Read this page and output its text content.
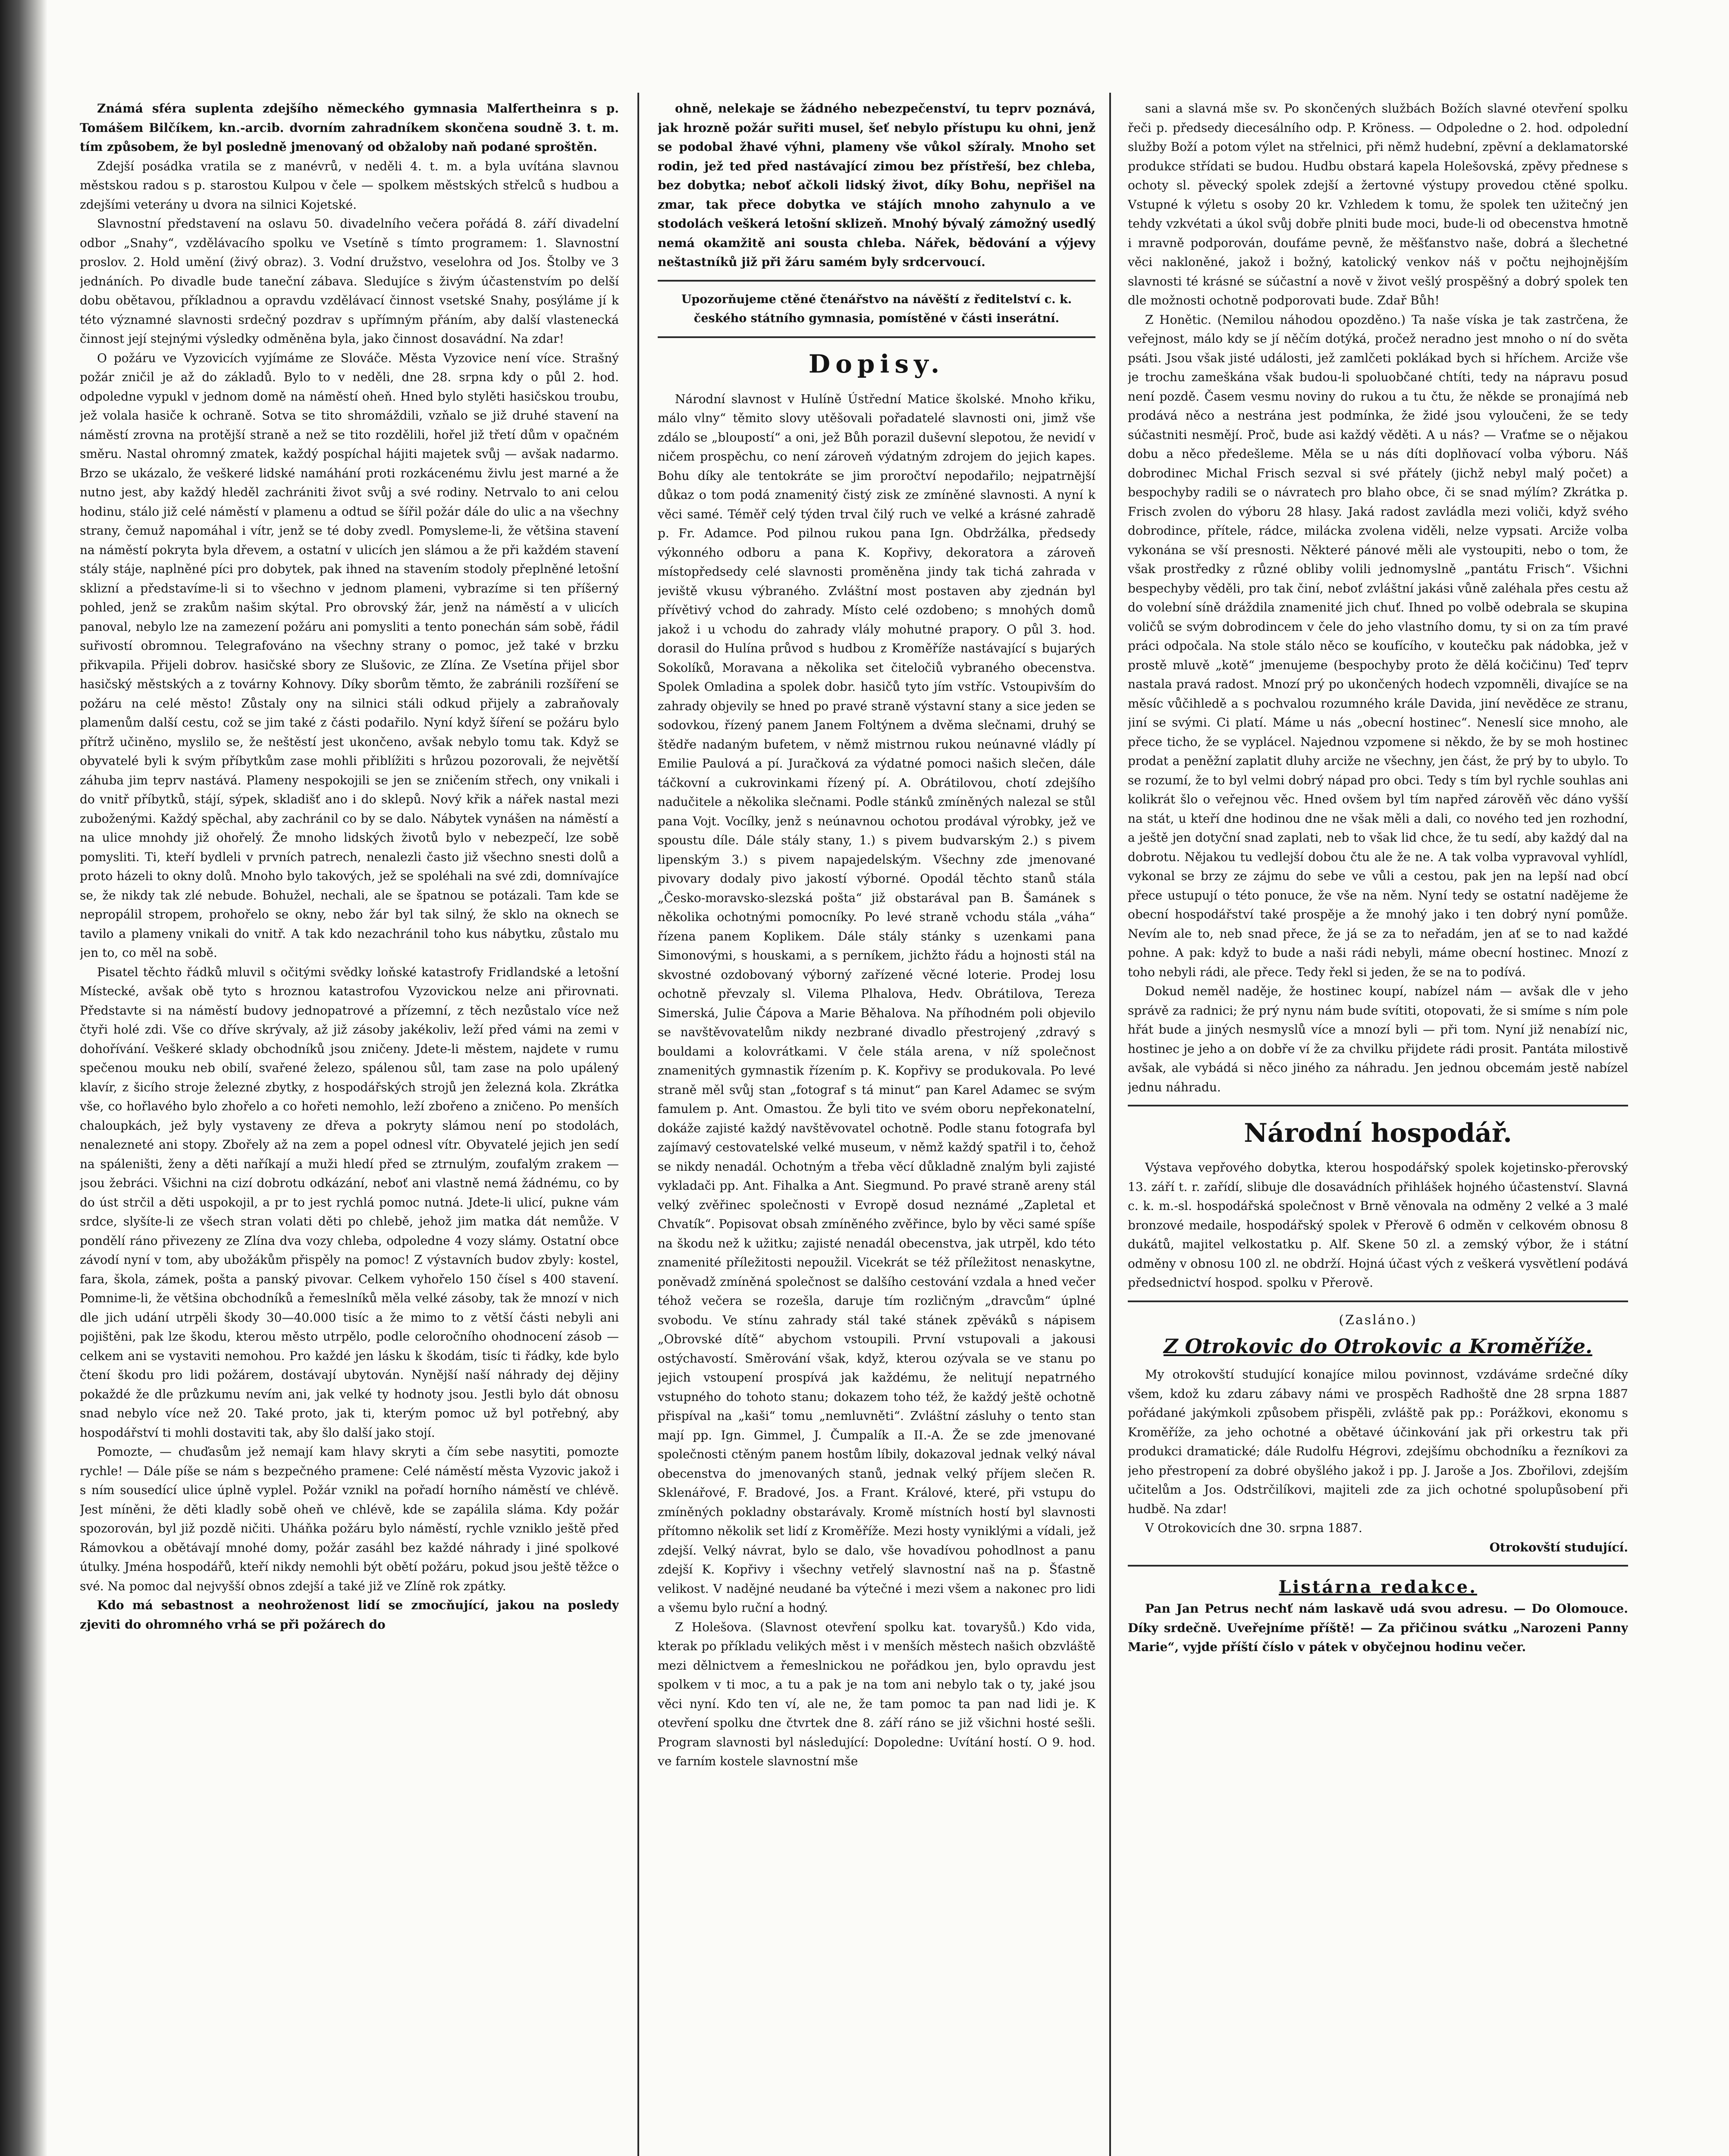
Známá sféra suplenta zdejšího německého gymnasia Malfertheinra s p. Tomášem Bilčíkem, kn.-arcib. dvorním zahradníkem skončena soudně 3. t. m. tím způsobem, že byl posledně jmenovaný od obžaloby naň podané sproštěn.

Zdejší posádka vratila se z manévrů, v neděli 4. t. m. a byla uvítána slavnou městskou radou s p. starostou Kulpou v čele — spolkem městských střelců s hudbou a zdejšími veterány u dvora na silnici Kojetské.

Slavnostní představení na oslavu 50. divadelního večera pořádá 8. září divadelní odbor „Snahy“, vzdělávacího spolku ve Vsetíně s tímto programem: 1. Slavnostní proslov. 2. Hold umění (živý obraz). 3. Vodní družstvo, veselohra od Jos. Štolby ve 3 jednáních. Po divadle bude taneční zábava. Sledujíce s živým účastenstvím po delší dobu obětavou, příkladnou a opravdu vzdělávací činnost vsetské Snahy, posýláme jí k této významné slavnosti srdečný pozdrav s upřímným přáním, aby další vlastenecká činnost její stejnými výsledky odměněna byla, jako činnost dosavádní. Na zdar!

O požáru ve Vyzovicích vyjímáme ze Slováče. Města Vyzovice není více. Strašný požár zničil je až do základů. Bylo to v neděli, dne 28. srpna kdy o půl 2. hod. odpoledne vypukl v jednom domě na náměstí oheň. Hned bylo stylěti hasičskou troubu, jež volala hasiče k ochraně. Sotva se tito shromáždili, vzňalo se již druhé stavení na náměstí zrovna na protější straně a než se tito rozdělili, hořel již třetí dům v opačném směru. Nastal ohromný zmatek, každý pospíchal hájiti majetek svůj — avšak nadarmo. Brzo se ukázalo, že veškeré lidské namáhání proti rozkácenému živlu jest marné a že nutno jest, aby každý hleděl zachrániti život svůj a své rodiny. Netrvalo to ani celou hodinu, stálo již celé náměstí v plamenu a odtud se šířil požár dále do ulic a na všechny strany, čemuž napomáhal i vítr, jenž se té doby zvedl. Pomysleme-li, že většina stavení na náměstí pokryta byla dřevem, a ostatní v ulicích jen slámou a že při každém stavení stály stáje, naplněné píci pro dobytek, pak ihned na stavením stodoly přeplněné letošní sklizní a představíme-li si to všechno v jednom plameni, vybrazíme si ten příšerný pohled, jenž se zrakům našim skýtal. Pro obrovský žár, jenž na náměstí a v ulicích panoval, nebylo lze na zamezení požáru ani pomysliti a tento ponechán sám sobě, řádil suřivostí obromnou. Telegrafováno na všechny strany o pomoc, jež také v brzku přikvapila. Přijeli dobrov. hasičské sbory ze Slušovic, ze Zlína. Ze Vsetína přijel sbor hasičský městských a z továrny Kohnovy. Díky sborům těmto, že zabránili rozšíření se požáru na celé město! Zůstaly ony na silnici stáli odkud přijely a zabraňovaly plamenům další cestu, což se jim také z části podařilo. Nyní když šíření se požáru bylo přítrž učiněno, myslilo se, že neštěstí jest ukončeno, avšak nebylo tomu tak. Když se obyvatelé byli k svým příbytkům zase mohli přiblížiti s hrůzou pozorovali, že největší záhuba jim teprv nastává. Plameny nespokojili se jen se zničením střech, ony vnikali i do vnitř příbytků, stájí, sýpek, skladišť ano i do sklepů. Nový křik a nářek nastal mezi zuboženými. Každý spěchal, aby zachránil co by se dalo. Nábytek vynášen na náměstí a na ulice mnohdy již ohořelý. Že mnoho lidských životů bylo v nebezpečí, lze sobě pomysliti. Ti, kteří bydleli v prvních patrech, nenalezli často již všechno snesti dolů a proto házeli to okny dolů. Mnoho bylo takových, jež se spoléhali na své zdi, domnívajíce se, že nikdy tak zlé nebude. Bohužel, nechali, ale se špatnou se potázali. Tam kde se nepropálil stropem, prohořelo se okny, nebo žár byl tak silný, že sklo na oknech se tavilo a plameny vnikali do vnitř. A tak kdo nezachránil toho kus nábytku, zůstalo mu jen to, co měl na sobě.

Pisatel těchto řádků mluvil s očitými svědky loňské katastrofy Fridlandské a letošní Místecké, avšak obě tyto s hroznou katastrofou Vyzovickou nelze ani přirovnati. Představte si na náměstí budovy jednopatrové a přízemní, z těch nezůstalo více než čtyři holé zdi. Vše co dříve skrývaly, až již zásoby jakékoliv, leží před vámi na zemi v dohořívání. Veškeré sklady obchodníků jsou zničeny. Jdete-li městem, najdete v rumu spečenou mouku neb obilí, svařené železo, spálenou sůl, tam zase na polo upálený klavír, z šicího stroje železné zbytky, z hospodářských strojů jen železná kola. Zkrátka vše, co hořlavého bylo zhořelo a co hořeti nemohlo, leží zbořeno a zničeno. Po menších chaloupkách, jež byly vystaveny ze dřeva a pokryty slámou není po stodolách, nenalezneté ani stopy. Zbořely až na zem a popel odnesl vítr. Obyvatelé jejich jen sedí na spáleništi, ženy a děti naříkají a muži hledí před se ztrnulým, zoufalým zrakem — jsou žebráci. Všichni na cizí dobrotu odkázání, neboť ani vlastně nemá žádnému, co by do úst strčil a děti uspokojil, a pr to jest rychlá pomoc nutná. Jdete-li ulicí, pukne vám srdce, slyšíte-li ze všech stran volati děti po chlebě, jehož jim matka dát nemůže. V pondělí ráno přivezeny ze Zlína dva vozy chleba, odpoledne 4 vozy slámy. Ostatní obce závodí nyní v tom, aby ubožákům přispěly na pomoc! Z výstavních budov zbyly: kostel, fara, škola, zámek, pošta a panský pivovar. Celkem vyhořelo 150 čísel s 400 stavení. Pomnime-li, že většina obchodníků a řemeslníků měla velké zásoby, tak že mnozí v nich dle jich udání utrpěli škody 30—40.000 tisíc a že mimo to z větší části nebyli ani pojištěni, pak lze škodu, kterou město utrpělo, podle celoročního ohodnocení zásob — celkem ani se vystaviti nemohou. Pro každé jen lásku k škodám, tisíc ti řádky, kde bylo čtení škodu pro lidi požárem, dostávají ubytován. Nynější naší náhrady dej dějiny pokaždé že dle průzkumu nevím ani, jak velké ty hodnoty jsou. Jestli bylo dát obnosu snad nebylo více než 20. Také proto, jak ti, kterým pomoc už byl potřebný, aby hospodářství ti mohli dostaviti tak, aby šlo další jako stojí.

Pomozte, — chuďasům jež nemají kam hlavy skryti a čím sebe nasytiti, pomozte rychle! — Dále píše se nám s bezpečného pramene: Celé náměstí města Vyzovic jakož i s ním sousedící ulice úplně vyplel. Požár vznikl na pořadí horního náměstí ve chlévě. Jest míněni, že děti kladly sobě oheň ve chlévě, kde se zapálila sláma. Kdy požár spozorován, byl již pozdě ničiti. Uháňka požáru bylo náměstí, rychle vzniklo ještě před Rámovkou a obětávají mnohé domy, požár zasáhl bez každé náhrady i jiné spolkové útulky. Jména hospodářů, kteří nikdy nemohli být obětí požáru, pokud jsou ještě těžce o své. Na pomoc dal nejvyšší obnos zdejší a také již ve Zlíně rok zpátky.

Kdo má sebastnost a neohroženost lidí se zmocňující, jakou na posledy zjeviti do ohromného vrhá se při požárech do

ohně, nelekaje se žádného nebezpečenství, tu teprv poznává, jak hrozně požár suřiti musel, šeť nebylo přístupu ku ohni, jenž se podobal žhavé výhni, plameny vše vůkol sžíraly. Mnoho set rodin, jež ted před nastávající zimou bez přístřeší, bez chleba, bez dobytka; neboť ačkoli lidský život, díky Bohu, nepřišel na zmar, tak přece dobytka ve stájích mnoho zahynulo a ve stodolách veškerá letošní sklizeň. Mnohý bývalý zámožný usedlý nemá okamžitě ani sousta chleba. Nářek, bědování a výjevy neštastníků již při žáru samém byly srdcervoucí.

Upozorňujeme ctěné čtenářstvo na návěští z ředitelství c. k. českého státního gymnasia, pomístěné v části inserátní.

Dopisy.

Národní slavnost v Hulíně Ústřední Matice školské. Mnoho křiku, málo vlny“ těmito slovy utěšovali pořadatelé slavnosti oni, jimž vše zdálo se „bloupostí“ a oni, jež Bůh porazil duševní slepotou, že nevidí v ničem prospěchu, co není zároveň výdatným zdrojem do jejich kapes. Bohu díky ale tentokráte se jim proročtví nepodařilo; nejpatrnější důkaz o tom podá znamenitý čistý zisk ze zmíněné slavnosti. A nyní k věci samé. Téměř celý týden trval čilý ruch ve velké a krásné zahradě p. Fr. Adamce. Pod pilnou rukou pana Ign. Obdržálka, předsedy výkonného odboru a pana K. Kopřivy, dekoratora a zároveň místopředsedy celé slavnosti proměněna jindy tak tichá zahrada v jeviště vkusu výbraného. Zvláštní most postaven aby zjednán byl přívětivý vchod do zahrady. Místo celé ozdobeno; s mnohých domů jakož i u vchodu do zahrady vlály mohutné prapory. O půl 3. hod. dorasil do Hulína průvod s hudbou z Kroměříže nastávající s bujarých Sokolíků, Moravana a několika set čiteločiů vybraného obecenstva. Spolek Omladina a spolek dobr. hasičů tyto jím vstříc. Vstoupivším do zahrady objevily se hned po pravé straně výstavní stany a sice jeden se sodovkou, řízený panem Janem Foltýnem a dvěma slečnami, druhý se štědře nadaným bufetem, v němž mistrnou rukou neúnavné vládly pí Emilie Paulová a pí. Juračková za výdatné pomoci našich slečen, dále táčkovní a cukrovinkami řízený pí. A. Obrátilovou, chotí zdejšího nadučitele a několika slečnami. Podle stánků zmíněných nalezal se stůl pana Vojt. Vocílky, jenž s neúnavnou ochotou prodával výrobky, jež ve spoustu díle. Dále stály stany, 1.) s pivem budvarským 2.) s pivem lipenským 3.) s pivem napajedelským. Všechny zde jmenované pivovary dodaly pivo jakostí výborné. Opodál těchto stanů stála „Česko-moravsko-slezská pošta“ již obstarával pan B. Šamánek s několika ochotnými pomocníky. Po levé straně vchodu stála „váha“ řízena panem Koplikem. Dále stály stánky s uzenkami pana Simonovými, s houskami, a s perníkem, jichžto řádu a hojnosti stál na skvostné ozdobovaný výborný zařízené věcné loterie. Prodej losu ochotně převzaly sl. Vilema Plhalova, Hedv. Obrátilova, Tereza Simerská, Julie Čápova a Marie Běhalova. Na příhodném poli objevilo se navštěvovatelům nikdy nezbrané divadlo přestrojený ,zdravý s bouldami a kolovrátkami. V čele stála arena, v níž společnost znamenitých gymnastik řízením p. K. Kopřivy se produkovala. Po levé straně měl svůj stan „fotograf s tá minut“ pan Karel Adamec se svým famulem p. Ant. Omastou. Že byli tito ve svém oboru nepřekonatelní, dokáže zajisté každý navštěvovatel ochotně. Podle stanu fotografa byl zajímavý cestovatelské velké museum, v němž každý spatřil i to, čehož se nikdy nenadál. Ochotným a třeba věcí důkladně znalým byli zajisté vykladači pp. Ant. Fihalka a Ant. Siegmund. Po pravé straně areny stál velký zvěřinec společnosti v Evropě dosud neznámé „Zapletal et Chvatík“. Popisovat obsah zmíněného zvěřince, bylo by věci samé spíše na škodu než k užitku; zajisté nenadál obecenstva, jak utrpěl, kdo této znamenité příležitosti nepoužil. Vicekrát se též příležitost nenaskytne, poněvadž zmíněná společnost se dalšího cestování vzdala a hned večer téhož večera se rozešla, daruje tím rozličným „dravcům“ úplné svobodu. Ve stínu zahrady stál také stánek zpěváků s nápisem „Obrovské dítě“ abychom vstoupili. První vstupovali a jakousi ostýchavostí. Směrování však, když, kterou ozývala se ve stanu po jejich vstoupení prospívá jak každému, že nelitují nepatrného vstupného do tohoto stanu; dokazem toho též, že každý ještě ochotně přispíval na „kaši“ tomu „nemluvněti“. Zvláštní zásluhy o tento stan mají pp. Ign. Gimmel, J. Čumpalík a II.-A. Že se zde jmenované společnosti ctěným panem hostům líbily, dokazoval jednak velký nával obecenstva do jmenovaných stanů, jednak velký příjem slečen R. Sklenářové, F. Bradové, Jos. a Frant. Králové, které, při vstupu do zmíněných pokladny obstarávaly. Kromě místních hostí byl slavnosti přítomno několik set lidí z Kroměříže. Mezi hosty vyniklými a vídali, jež zdejší. Velký návrat, bylo se dalo, vše hovadívou pohodlnost a panu zdejší K. Kopřivy i všechny vetřelý slavnostní naš na p. Šťastně velikost. V nadějné neudané ba výtečné i mezi všem a nakonec pro lidi a všemu bylo ruční a hodný.

Z Holešova. (Slavnost otevření spolku kat. tovaryšů.) Kdo vida, kterak po příkladu velikých měst i v menších městech našich obzvláště mezi dělnictvem a řemeslnickou ne pořádkou jen, bylo opravdu jest spolkem v ti moc, a tu a pak je na tom ani nebylo tak o ty, jaké jsou věci nyní. Kdo ten ví, ale ne, že tam pomoc ta pan nad lidi je. K otevření spolku dne čtvrtek dne 8. září ráno se již všichni hosté sešli. Program slavnosti byl následující: Dopoledne: Uvítání hostí. O 9. hod. ve farním kostele slavnostní mše

sani a slavná mše sv. Po skončených službách Božích slavné otevření spolku řeči p. předsedy diecesálního odp. P. Kröness. — Odpoledne o 2. hod. odpolední služby Boží a potom výlet na střelnici, při němž hudební, zpěvní a deklamatorské produkce střídati se budou. Hudbu obstará kapela Holešovská, zpěvy přednese s ochoty sl. pěvecký spolek zdejší a žertovné výstupy provedou ctěné spolku. Vstupné k výletu s osoby 20 kr. Vzhledem k tomu, že spolek ten užitečný jen tehdy vzkvétati a úkol svůj dobře plniti bude moci, bude-li od obecenstva hmotně i mravně podporován, doufáme pevně, že měšťanstvo naše, dobrá a šlechetné věci nakloněné, jakož i božný, katolický venkov náš v počtu nejhojnějším slavnosti té krásné se súčastní a nově v život vešlý prospěšný a dobrý spolek ten dle možnosti ochotně podporovati bude. Zdař Bůh!

Z Honětic. (Nemilou náhodou opozděno.) Ta naše víska je tak zastrčena, že veřejnost, málo kdy se jí něčím dotýká, pročež neradno jest mnoho o ní do světa psáti. Jsou však jisté události, jež zamlčeti poklákad bych si hříchem. Arciže vše je trochu zameškána však budou-li spoluobčané chtíti, tedy na nápravu posud není pozdě. Časem vesmu noviny do rukou a tu čtu, že někde se pronajímá neb prodává něco a nestrána jest podmínka, že židé jsou vyloučeni, že se tedy súčastniti nesmějí. Proč, bude asi každý věděti. A u nás? — Vraťme se o nějakou dobu a něco předešleme. Měla se u nás díti doplňovací volba výboru. Náš dobrodinec Michal Frisch sezval si své přátely (jichž nebyl malý počet) a bespochyby radili se o návratech pro blaho obce, či se snad mýlím? Zkrátka p. Frisch zvolen do výboru 28 hlasy. Jaká radost zavládla mezi voliči, když svého dobrodince, přítele, rádce, milácka zvolena viděli, nelze vypsati. Arciže volba vykonána se vší presnosti. Některé pánové měli ale vystoupiti, nebo o tom, že však prostředky z různé obliby volili jednomyslně „pantátu Frisch“. Všichni bespechyby věděli, pro tak činí, neboť zvláštní jakási vůně zaléhala přes cestu až do volební síně dráždila znamenité jich chuť. Ihned po volbě odebrala se skupina voličů se svým dobrodincem v čele do jeho vlastního domu, ty si on za tím pravé práci odpočala. Na stole stálo něco se koufícího, v koutečku pak nádobka, jež v prostě mluvě „kotě“ jmenujeme (bespochyby proto že dělá kočičinu) Teď teprv nastala pravá radost. Mnozí prý po ukončených hodech vzpomněli, divajíce se na měsíc vůčihledě a s pochvalou rozumného krále Davida, jiní nevěděce ze stranu, jiní se svými. Ci platí. Máme u nás „obecní hostinec“. Neneslí sice mnoho, ale přece ticho, že se vyplácel. Najednou vzpomene si někdo, že by se moh hostinec prodat a peněžní zaplatit dluhy arciže ne všechny, jen část, že prý by to ubylo. To se rozumí, že to byl velmi dobrý nápad pro obci. Tedy s tím byl rychle souhlas ani kolikrát šlo o veřejnou věc. Hned ovšem byl tím napřed zárověň věc dáno vyšší na stát, u kteří dne hodinou dne ne však měli a dali, co nového ted jen rozhodní, a ještě jen dotyční snad zaplati, neb to však lid chce, že tu sedí, aby každý dal na dobrotu. Nějakou tu vedlejší dobou čtu ale že ne. A tak volba vypravoval vyhlídl, vykonal se brzy ze zájmu do sebe ve vůli a cestou, pak jen na lepší nad obcí přece ustupují o této ponuce, že vše na něm. Nyní tedy se ostatní nadějeme že obecní hospodářství také prospěje a že mnohý jako i ten dobrý nyní pomůže. Nevím ale to, neb snad přece, že já se za to neřadám, jen ať se to nad každé pohne. A pak: když to bude a naši rádi nebyli, máme obecní hostinec. Mnozí z toho nebyli rádi, ale přece. Tedy řekl si jeden, že se na to podívá.

Dokud neměl naděje, že hostinec koupí, nabízel nám — avšak dle v jeho správě za radnici; že prý nynu nám bude svítiti, otopovati, že si smíme s ním pole hřát bude a jiných nesmyslů více a mnozí byli — při tom. Nyní již nenabízí nic, hostinec je jeho a on dobře ví že za chvilku přijdete rádi prosit. Pantáta milostivě avšak, ale vybádá si něco jiného za náhradu. Jen jednou obcemám jestě nabízel jednu náhradu.

Národní hospodář.

Výstava vepřového dobytka, kterou hospodářský spolek kojetinsko-přerovský 13. září t. r. zařídí, slibuje dle dosavádních přihlášek hojného účastenství. Slavná c. k. m.-sl. hospodářská společnost v Brně věnovala na odměny 2 velké a 3 malé bronzové medaile, hospodářský spolek v Přerově 6 odměn v celkovém obnosu 8 dukátů, majitel velkostatku p. Alf. Skene 50 zl. a zemský výbor, že i státní odměny v obnosu 100 zl. ne obdrží. Hojná účast vých z veškerá vysvětlení podává předsednictví hospod. spolku v Přerově.

(Zasláno.)

Z Otrokovic do Otrokovic a Kroměříže.

My otrokovští studující konajíce milou povinnost, vzdáváme srdečné díky všem, kdož ku zdaru zábavy námi ve prospěch Radhoště dne 28 srpna 1887 pořádané jakýmkoli způsobem přispěli, zvláště pak pp.: Porážkovi, ekonomu s Kroměříže, za jeho ochotné a obětavé účinkování jak při orkestru tak při produkci dramatické; dále Rudolfu Hégrovi, zdejšímu obchodníku a řezníkovi za jeho přestropení za dobré obyšlého jakož i pp. J. Jaroše a Jos. Zbořilovi, zdejším učitelům a Jos. Odstrčilíkovi, majiteli zde za jich ochotné spolupůsobení při hudbě. Na zdar!

V Otrokovicích dne 30. srpna 1887.

Otrokovští studující.

Listárna redakce.

Pan Jan Petrus nechť nám laskavě udá svou adresu. — Do Olomouce. Díky srdečně. Uveřejníme příště! — Za přičinou svátku „Narozeni Panny Marie“, vyjde příští číslo v pátek v obyčejnou hodinu večer.
